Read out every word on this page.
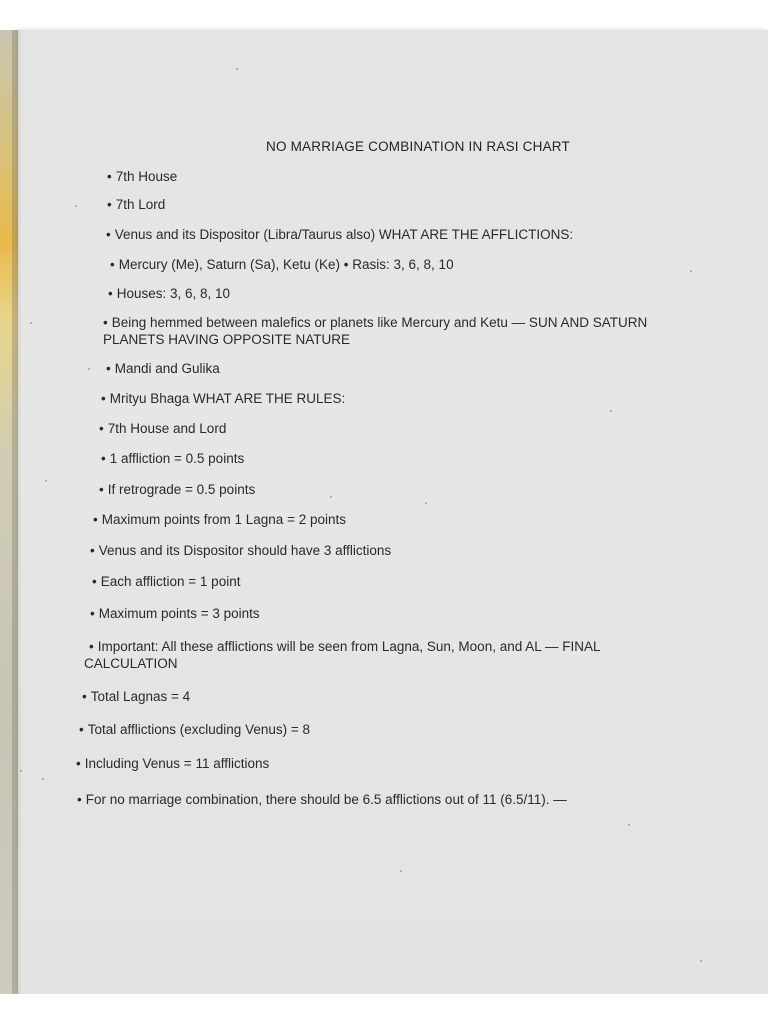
NO MARRIAGE COMBINATION IN RASI CHART
• 7th House
• 7th Lord
• Venus and its Dispositor (Libra/Taurus also) WHAT ARE THE AFFLICTIONS:
• Mercury (Me), Saturn (Sa), Ketu (Ke) • Rasis: 3, 6, 8, 10
• Houses: 3, 6, 8, 10
• Being hemmed between malefics or planets like Mercury and Ketu — SUN AND SATURN
PLANETS HAVING OPPOSITE NATURE
• Mandi and Gulika
• Mrityu Bhaga WHAT ARE THE RULES:
• 7th House and Lord
• 1 affliction = 0.5 points
• If retrograde = 0.5 points
• Maximum points from 1 Lagna = 2 points
• Venus and its Dispositor should have 3 afflictions
• Each affliction = 1 point
• Maximum points = 3 points
• Important: All these afflictions will be seen from Lagna, Sun, Moon, and AL — FINAL
CALCULATION
• Total Lagnas = 4
• Total afflictions (excluding Venus) = 8
• Including Venus = 11 afflictions
• For no marriage combination, there should be 6.5 afflictions out of 11 (6.5/11). —
